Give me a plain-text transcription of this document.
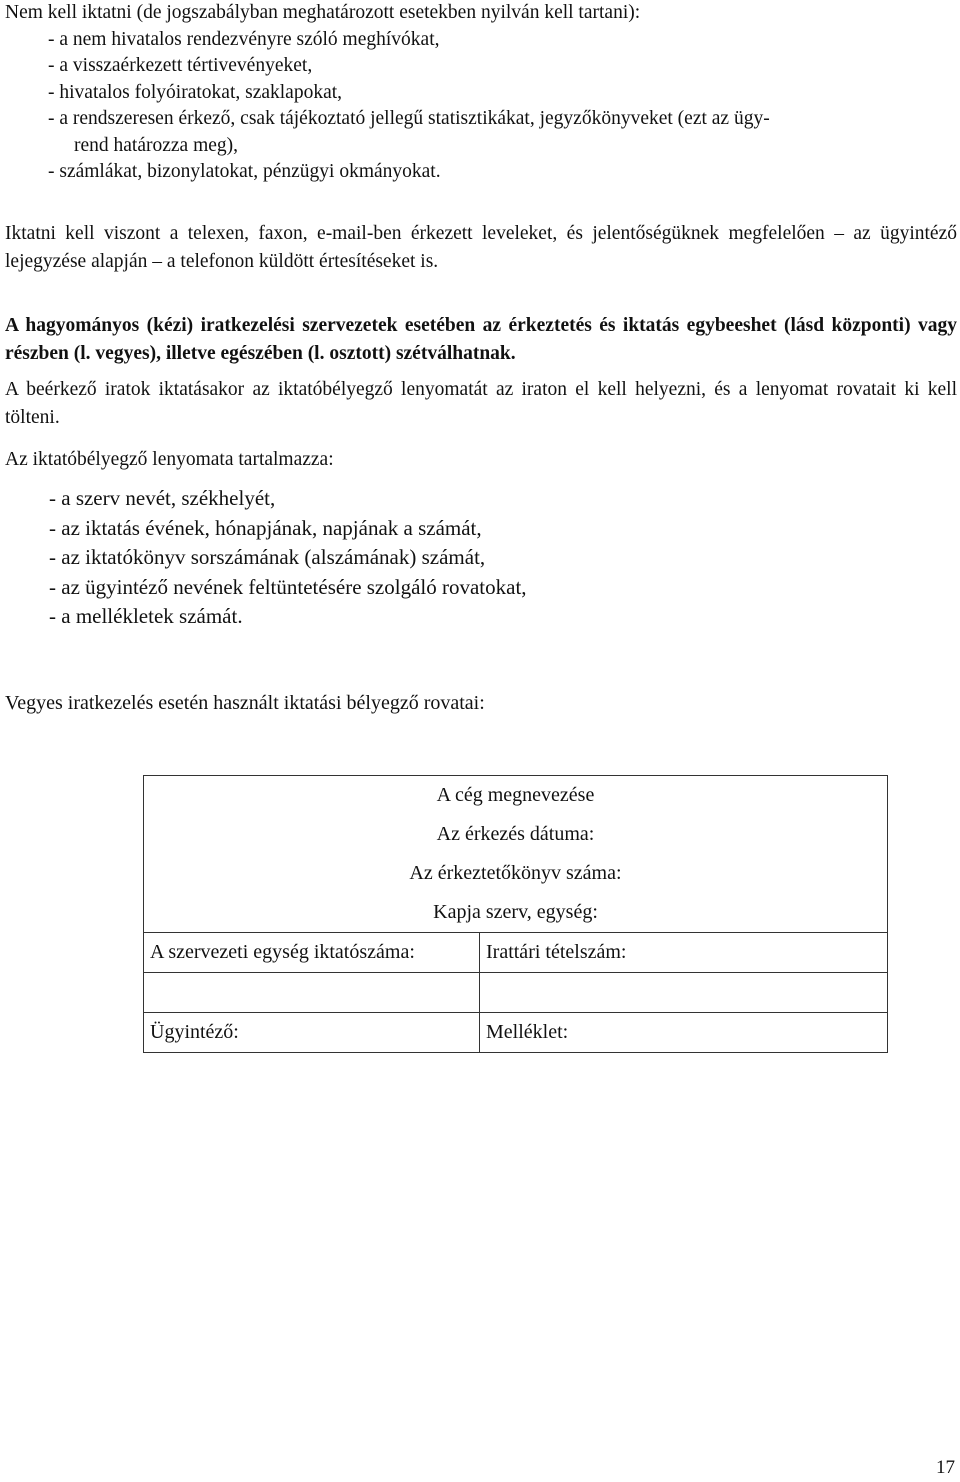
Nem kell iktatni (de jogszabályban meghatározott esetekben nyilván kell tartani):
- a nem hivatalos rendezvényre szóló meghívókat,
- a visszaérkezett tértivevényeket,
- hivatalos folyóiratokat, szaklapokat,
- a rendszeresen érkező, csak tájékoztató jellegű statisztikákat, jegyzőkönyveket (ezt az ügy-
rend határozza meg),
- számlákat, bizonylatokat, pénzügyi okmányokat.
Iktatni kell viszont a telexen, faxon, e-mail-ben érkezett leveleket, és jelentőségüknek megfelelően – az ügyintéző lejegyzése alapján – a telefonon küldött értesítéseket is.
A hagyományos (kézi) iratkezelési szervezetek esetében az érkeztetés és iktatás egybeeshet (lásd központi) vagy részben (l. vegyes), illetve egészében (l. osztott) szétválhatnak.
A beérkező iratok iktatásakor az iktatóbélyegző lenyomatát az iraton el kell helyezni, és a lenyomat rovatait ki kell tölteni.
Az iktatóbélyegző lenyomata tartalmazza:
- a szerv nevét, székhelyét,
- az iktatás évének, hónapjának, napjának a számát,
- az iktatókönyv sorszámának (alszámának) számát,
- az ügyintéző nevének feltüntetésére szolgáló rovatokat,
- a mellékletek számát.
Vegyes iratkezelés esetén használt iktatási bélyegző rovatai:
A cég megnevezése	
Az érkezés dátuma:	
Az érkeztetőkönyv száma:	
Kapja szerv, egység:	
A szervezeti egység iktatószáma:	Irattári tételszám:

Ügyintéző:	Melléklet:
17
